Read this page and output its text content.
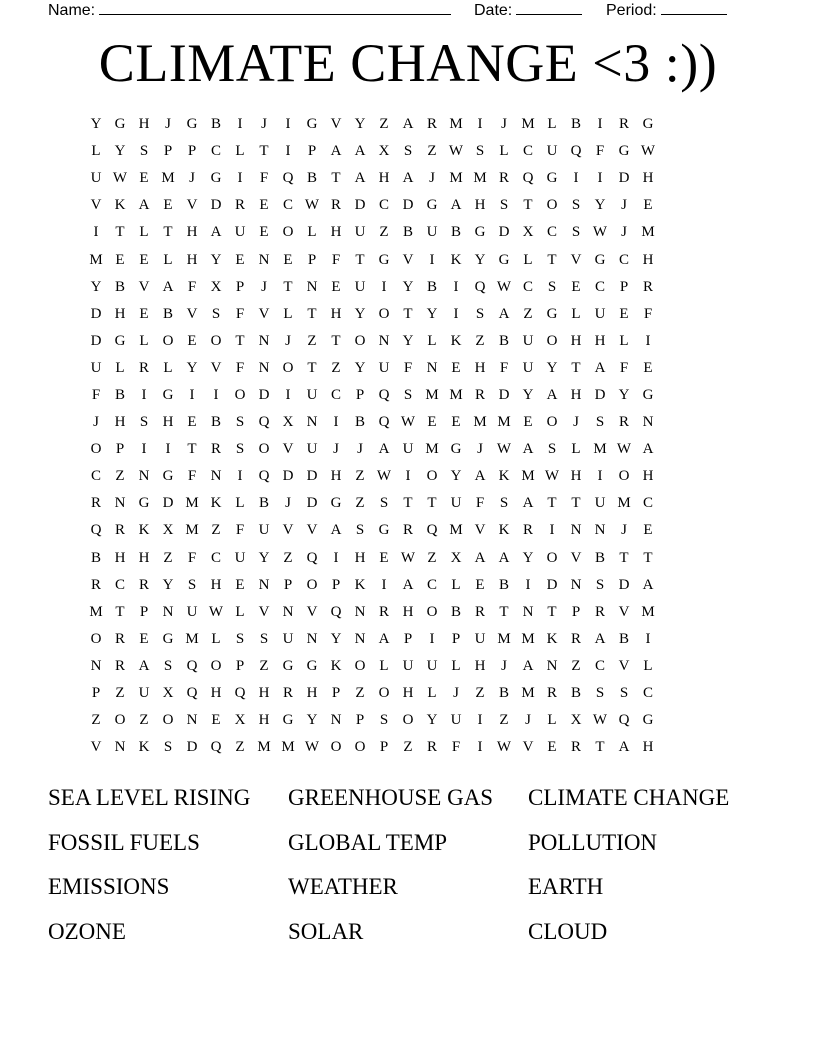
Name:	Date:	Period:
CLIMATE CHANGE <3 :))
Y G H	J	G B	I	J	I	G V Y Z A R M I	J M L B	I	R G
L Y S	P	P C L T	I	P A A X S	Z W S	L C U Q F G W
U W E M J	G	I	F Q B T A H A	J M M R Q G	I	I	D H
V K A E V D R E C W R D C D G A H S	T O S Y	J	E
I	T L T H A U E O L H U Z B U B G D X C S W J M
M E E L H Y E N E	P	F	T G V	I	K Y G L T V G C H
Y B V A F X P	J	T N E U	I	Y B	I	Q W C S	E C P R
D H E B V S	F V L T H Y O T Y	I	S A Z G L U E	F
D G L O E O T N	J	Z T O N Y L K Z B U O H H L	I
U L R L Y V F N O T Z Y U F N E H F U Y T A F	E
F B	I	G	I	I	O D	I	U C P Q S M M R D Y A H D Y G
J	H S H E B S Q X N	I	B Q W E E M M E O	J	S R N
O P	I	I	T R S O V U	J	J	A U M G	J W A S	L M W A
C Z N G F N	I	Q D D H Z W I	O Y A K M W H	I	O H
R N G D M K L B	J	D G Z	S	T T U F	S A T T U M C
Q R K X M Z	F U V V A S G R Q M V K R	I	N N	J	E
B H H Z	F C U Y Z Q	I	H E W Z X A A Y O V B T T
R C R Y S H E N P O P K	I	A C L E B	I	D N S D A
M T	P N U W L V N V Q N R H O B R T N T	P R V M
O R E G M L	S	S U N Y N A P	I	P U M M K R A B	I
N R A S Q O P	Z G G K O L U U L H	J	A N Z C V L
P	Z U X Q H Q H R H P	Z O H L	J	Z B M R B S	S C
Z O Z O N E X H G Y N P	S O Y U	I	Z	J	L X W Q G
V N K S D Q Z M M W O O P	Z R F	I W V E R T A H
SEA LEVEL RISING	GREENHOUSE GAS	CLIMATE CHANGE
FOSSIL FUELS	GLOBAL TEMP	POLLUTION
EMISSIONS	WEATHER	EARTH
OZONE	SOLAR	CLOUD
